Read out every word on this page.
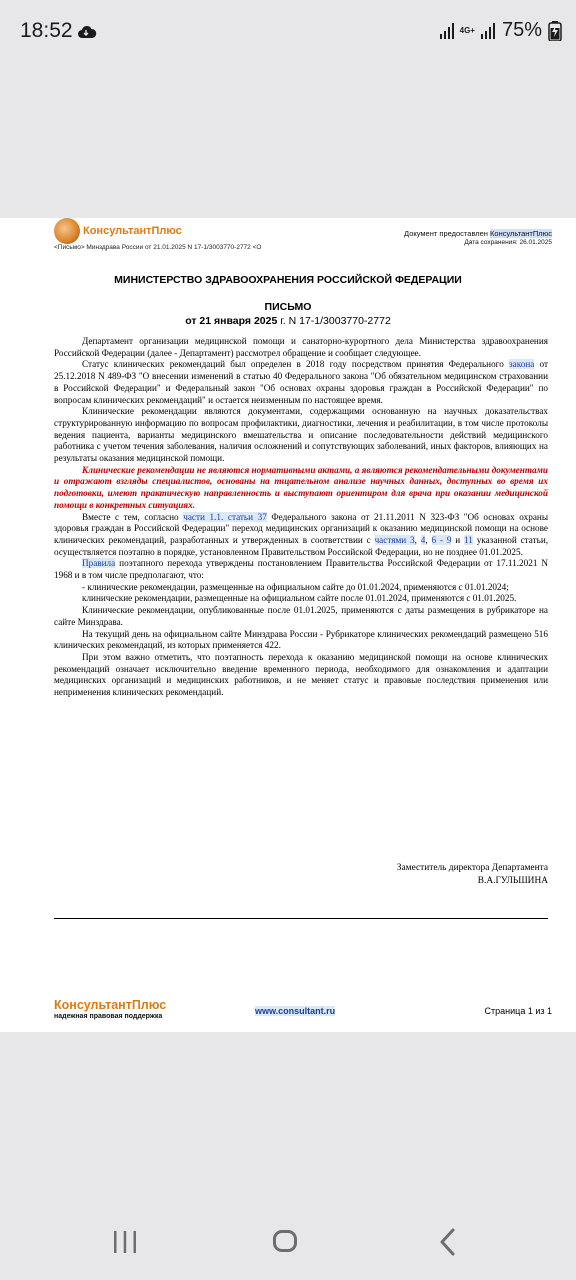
18:52	4G+ 75%
КонсультантПлюс
<Письмо> Минздрава России от 21.01.2025 N 17-1/3003770-2772 <О
Документ предоставлен КонсультантПлюс
Дата сохранения: 26.01.2025
МИНИСТЕРСТВО ЗДРАВООХРАНЕНИЯ РОССИЙСКОЙ ФЕДЕРАЦИИ
ПИСЬМО
от 21 января 2025 г. N 17-1/3003770-2772

Департамент организации медицинской помощи и санаторно-курортного дела Министерства здравоохранения Российской Федерации (далее - Департамент) рассмотрел обращение и сообщает следующее.

Статус клинических рекомендаций был определен в 2018 году посредством принятия Федерального закона от 25.12.2018 N 489-ФЗ "О внесении изменений в статью 40 Федерального закона "Об обязательном медицинском страховании в Российской Федерации" и Федеральный закон "Об основах охраны здоровья граждан в Российской Федерации" по вопросам клинических рекомендаций" и остается неизменным по настоящее время.

Клинические рекомендации являются документами, содержащими основанную на научных доказательствах структурированную информацию по вопросам профилактики, диагностики, лечения и реабилитации, в том числе протоколы ведения пациента, варианты медицинского вмешательства и описание последовательности действий медицинского работника с учетом течения заболевания, наличия осложнений и сопутствующих заболеваний, иных факторов, влияющих на результаты оказания медицинской помощи.

Клинические рекомендации не являются нормативными актами, а являются рекомендательными документами и отражают взгляды специалистов, основаны на тщательном анализе научных данных, доступных во время их подготовки, имеют практическую направленность и выступают ориентиром для врача при оказании медицинской помощи в конкретных ситуациях.

Вместе с тем, согласно части 1.1. статьи 37 Федерального закона от 21.11.2011 N 323-ФЗ "Об основах охраны здоровья граждан в Российской Федерации" переход медицинских организаций к оказанию медицинской помощи на основе клинических рекомендаций, разработанных и утвержденных в соответствии с частями 3, 4, 6 - 9 и 11 указанной статьи, осуществляется поэтапно в порядке, установленном Правительством Российской Федерации, но не позднее 01.01.2025.

Правила поэтапного перехода утверждены постановлением Правительства Российской Федерации от 17.11.2021 N 1968 и в том числе предполагают, что:

- клинические рекомендации, размещенные на официальном сайте до 01.01.2024, применяются с 01.01.2024;

клинические рекомендации, размещенные на официальном сайте после 01.01.2024, применяются с 01.01.2025.

Клинические рекомендации, опубликованные после 01.01.2025, применяются с даты размещения в рубрикаторе на сайте Минздрава.

На текущий день на официальном сайте Минздрава России - Рубрикаторе клинических рекомендаций размещено 516 клинических рекомендаций, из которых применяется 422.

При этом важно отметить, что поэтапность перехода к оказанию медицинской помощи на основе клинических рекомендаций означает исключительно введение временного периода, необходимого для ознакомления и адаптации медицинских организаций и медицинских работников, и не меняет статус и правовые последствия применения или неприменения клинических рекомендаций.

Заместитель директора Департамента
В.А.ГУЛЬШИНА
КонсультантПлюс
надежная правовая поддержка
www.consultant.ru	Страница 1 из 1
